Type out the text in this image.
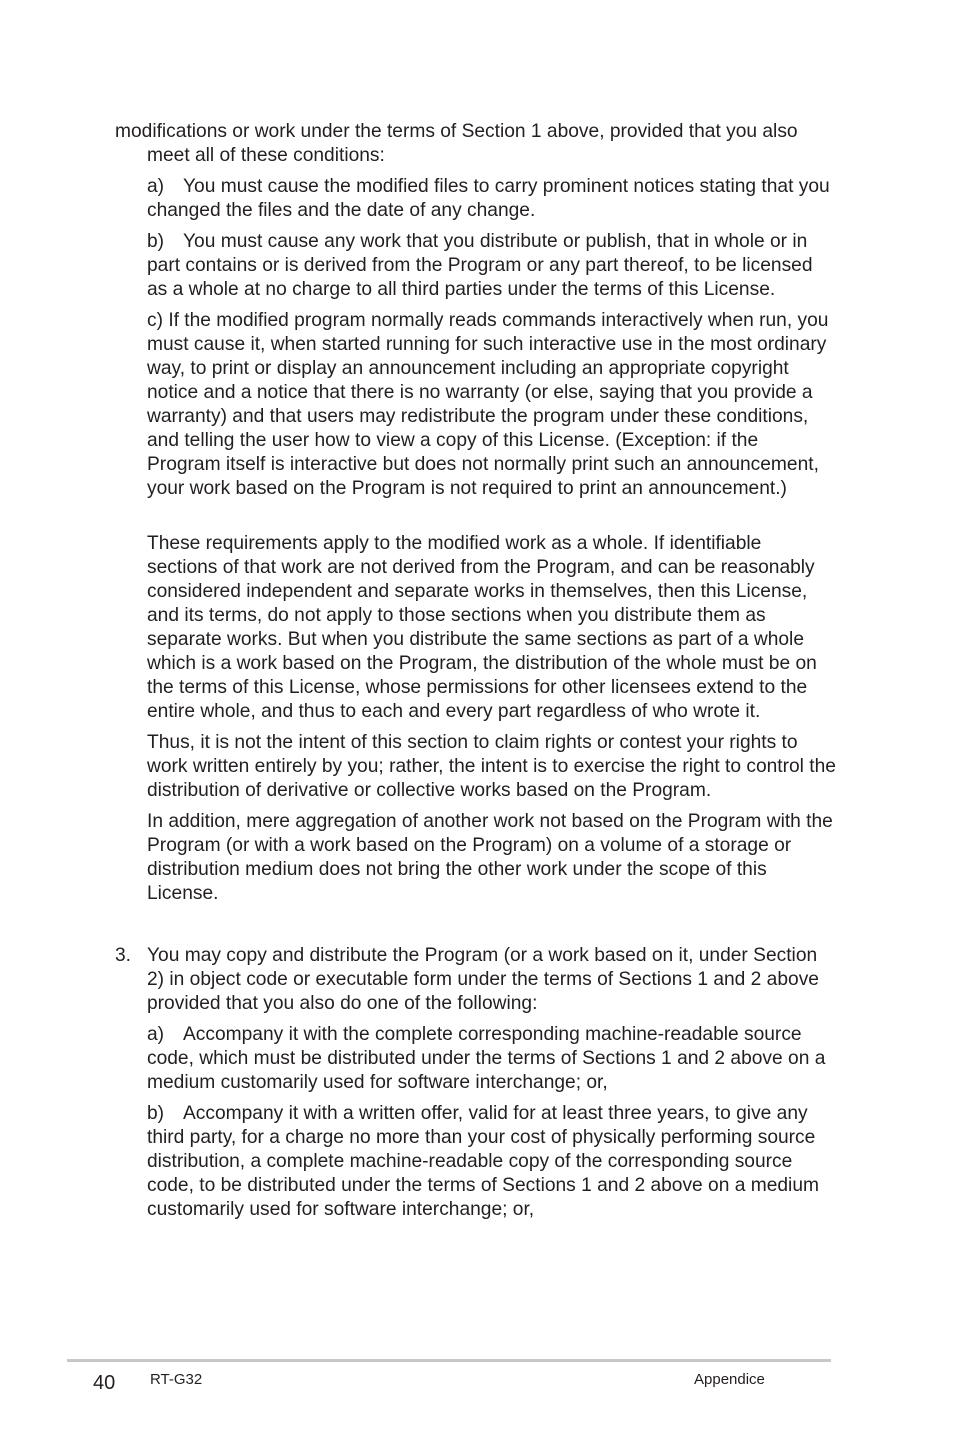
modifications or work under the terms of Section 1 above, provided that you also
meet all of these conditions:

a) You must cause the modified files to carry prominent notices stating that you changed the files and the date of any change.

b) You must cause any work that you distribute or publish, that in whole or in part contains or is derived from the Program or any part thereof, to be licensed as a whole at no charge to all third parties under the terms of this License.

c) If the modified program normally reads commands interactively when run, you must cause it, when started running for such interactive use in the most ordinary way, to print or display an announcement including an appropriate copyright notice and a notice that there is no warranty (or else, saying that you provide a warranty) and that users may redistribute the program under these conditions, and telling the user how to view a copy of this License. (Exception: if the Program itself is interactive but does not normally print such an announcement, your work based on the Program is not required to print an announcement.)

These requirements apply to the modified work as a whole. If identifiable sections of that work are not derived from the Program, and can be reasonably considered independent and separate works in themselves, then this License, and its terms, do not apply to those sections when you distribute them as separate works. But when you distribute the same sections as part of a whole which is a work based on the Program, the distribution of the whole must be on the terms of this License, whose permissions for other licensees extend to the entire whole, and thus to each and every part regardless of who wrote it.

Thus, it is not the intent of this section to claim rights or contest your rights to work written entirely by you; rather, the intent is to exercise the right to control the distribution of derivative or collective works based on the Program.

In addition, mere aggregation of another work not based on the Program with the Program (or with a work based on the Program) on a volume of a storage or distribution medium does not bring the other work under the scope of this License.

3. You may copy and distribute the Program (or a work based on it, under Section 2) in object code or executable form under the terms of Sections 1 and 2 above provided that you also do one of the following:

a) Accompany it with the complete corresponding machine-readable source code, which must be distributed under the terms of Sections 1 and 2 above on a medium customarily used for software interchange; or,

b) Accompany it with a written offer, valid for at least three years, to give any third party, for a charge no more than your cost of physically performing source distribution, a complete machine-readable copy of the corresponding source code, to be distributed under the terms of Sections 1 and 2 above on a medium customarily used for software interchange; or,

40 RT-G32	Appendice
